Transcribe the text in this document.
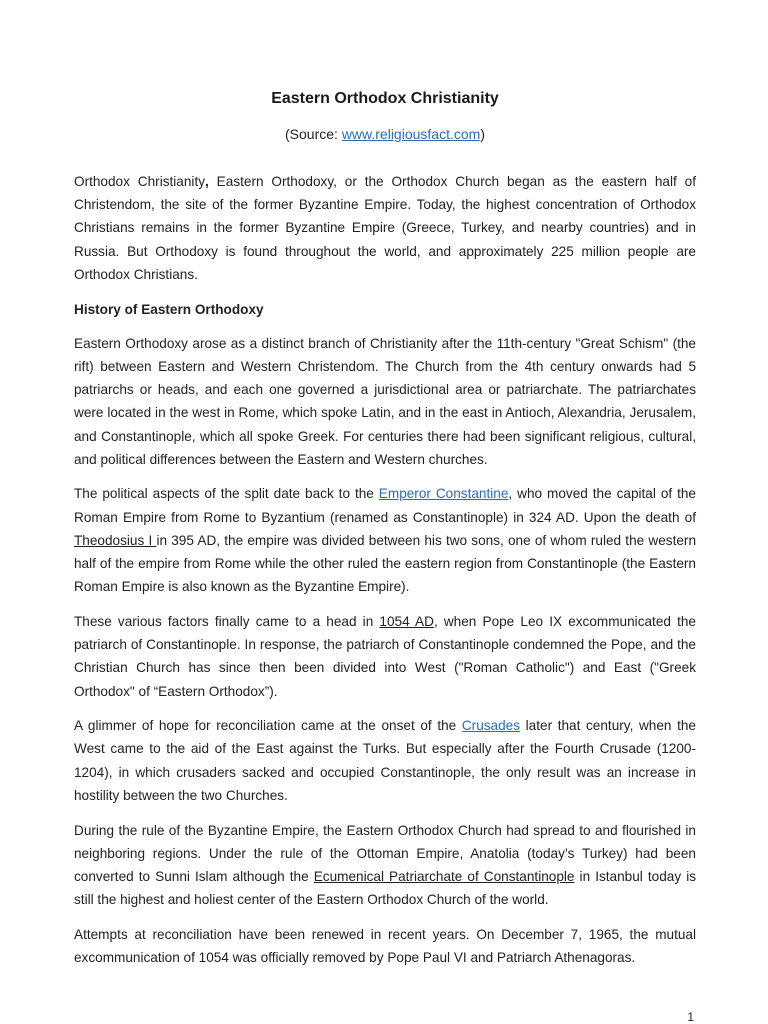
Eastern Orthodox Christianity
(Source: www.religiousfact.com)

Orthodox Christianity, Eastern Orthodoxy, or the Orthodox Church began as the eastern half of Christendom, the site of the former Byzantine Empire. Today, the highest concentration of Orthodox Christians remains in the former Byzantine Empire (Greece, Turkey, and nearby countries) and in Russia. But Orthodoxy is found throughout the world, and approximately 225 million people are Orthodox Christians.

History of Eastern Orthodoxy

Eastern Orthodoxy arose as a distinct branch of Christianity after the 11th-century "Great Schism" (the rift) between Eastern and Western Christendom. The Church from the 4th century onwards had 5 patriarchs or heads, and each one governed a jurisdictional area or patriarchate. The patriarchates were located in the west in Rome, which spoke Latin, and in the east in Antioch, Alexandria, Jerusalem, and Constantinople, which all spoke Greek. For centuries there had been significant religious, cultural, and political differences between the Eastern and Western churches.

The political aspects of the split date back to the Emperor Constantine, who moved the capital of the Roman Empire from Rome to Byzantium (renamed as Constantinople) in 324 AD. Upon the death of Theodosius I in 395 AD, the empire was divided between his two sons, one of whom ruled the western half of the empire from Rome while the other ruled the eastern region from Constantinople (the Eastern Roman Empire is also known as the Byzantine Empire).

These various factors finally came to a head in 1054 AD, when Pope Leo IX excommunicated the patriarch of Constantinople. In response, the patriarch of Constantinople condemned the Pope, and the Christian Church has since then been divided into West ("Roman Catholic") and East ("Greek Orthodox" of “Eastern Orthodox”).

A glimmer of hope for reconciliation came at the onset of the Crusades later that century, when the West came to the aid of the East against the Turks. But especially after the Fourth Crusade (1200-1204), in which crusaders sacked and occupied Constantinople, the only result was an increase in hostility between the two Churches.

During the rule of the Byzantine Empire, the Eastern Orthodox Church had spread to and flourished in neighboring regions. Under the rule of the Ottoman Empire, Anatolia (today’s Turkey) had been converted to Sunni Islam although the Ecumenical Patriarchate of Constantinople in Istanbul today is still the highest and holiest center of the Eastern Orthodox Church of the world.

Attempts at reconciliation have been renewed in recent years. On December 7, 1965, the mutual excommunication of 1054 was officially removed by Pope Paul VI and Patriarch Athenagoras.

1
